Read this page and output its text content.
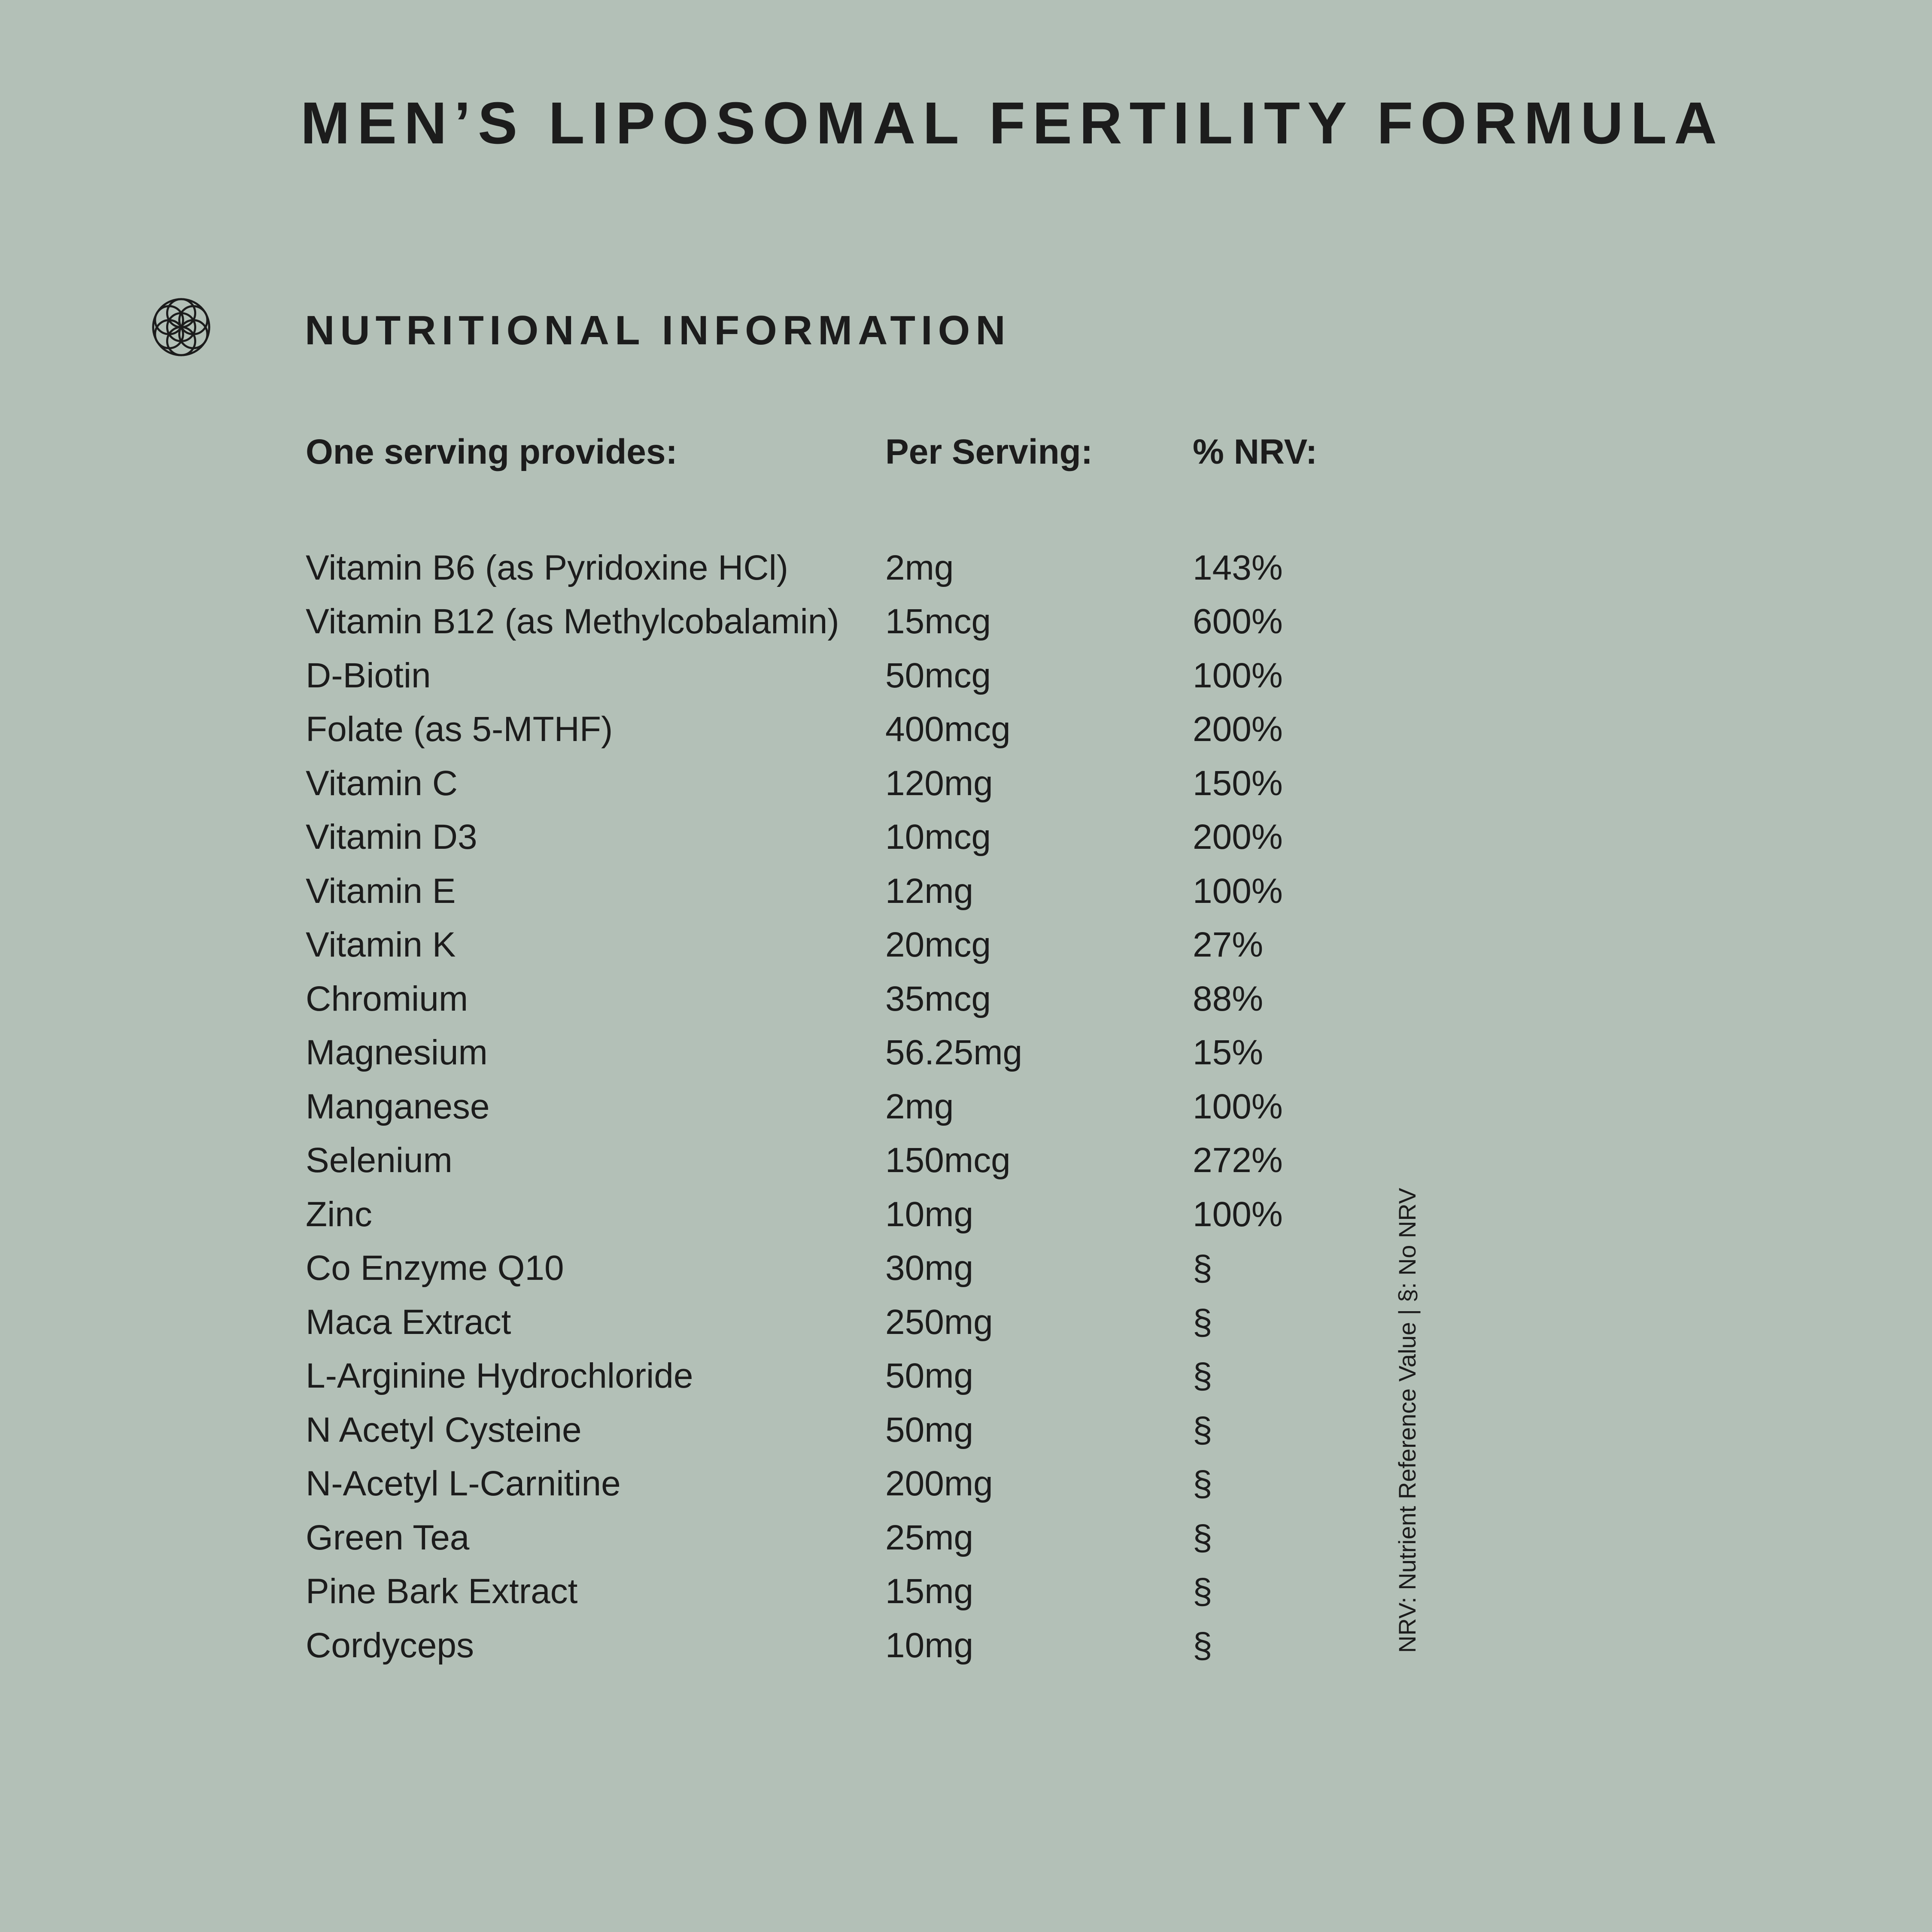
MEN’S LIPOSOMAL FERTILITY FORMULA
NUTRITIONAL INFORMATION
One serving provides:	Per Serving:	% NRV:
Vitamin B6 (as Pyridoxine HCl)	2mg	143%
Vitamin B12 (as Methylcobalamin)	15mcg	600%
D-Biotin	50mcg	100%
Folate (as 5-MTHF)	400mcg	200%
Vitamin C	120mg	150%
Vitamin D3	10mcg	200%
Vitamin E	12mg	100%
Vitamin K	20mcg	27%
Chromium	35mcg	88%
Magnesium	56.25mg	15%
Manganese	2mg	100%
Selenium	150mcg	272%
Zinc	10mg	100%
Co Enzyme Q10	30mg	§
Maca Extract	250mg	§
L-Arginine Hydrochloride	50mg	§
N Acetyl Cysteine	50mg	§
N-Acetyl L-Carnitine	200mg	§
Green Tea	25mg	§
Pine Bark Extract	15mg	§
Cordyceps	10mg	§	NRV: Nutrient Reference Value | §: No NRV
